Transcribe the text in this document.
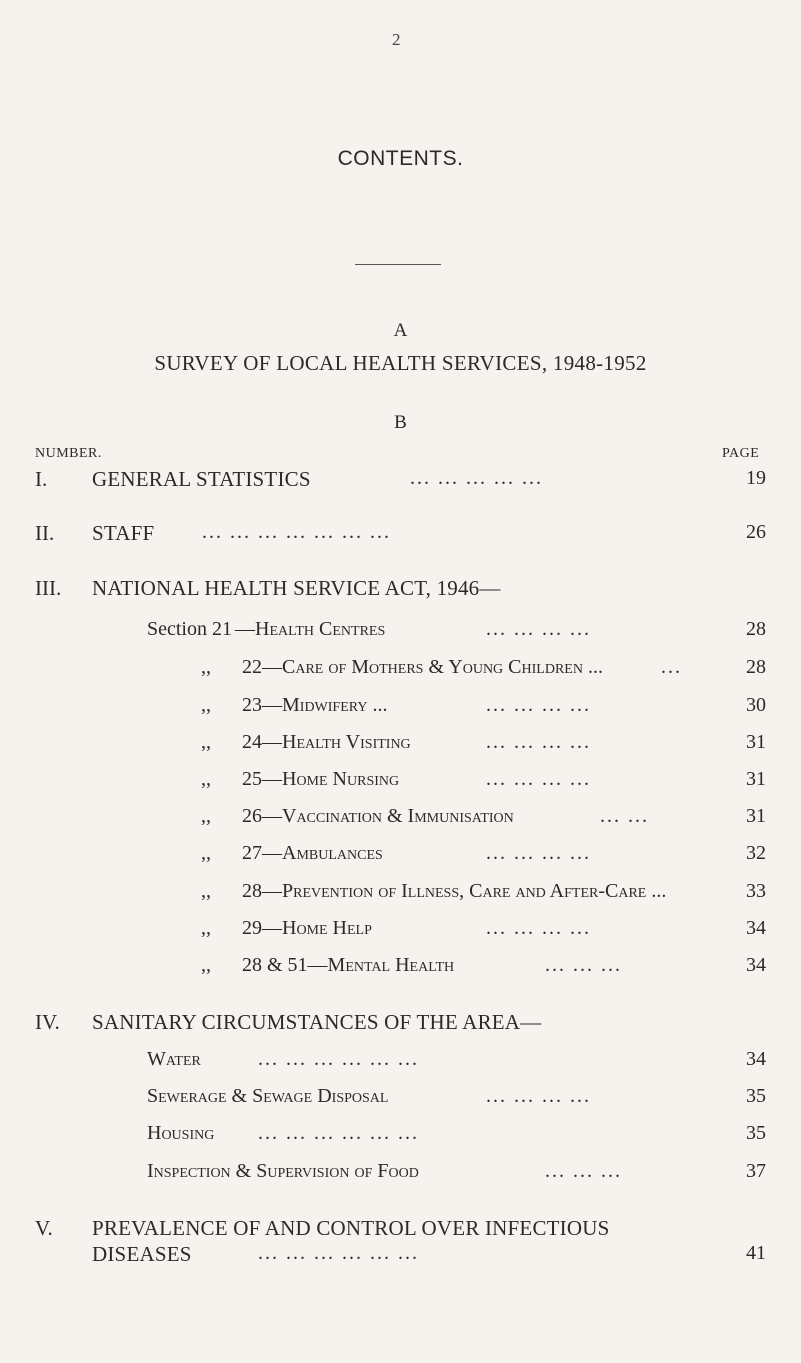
2
CONTENTS.
A
SURVEY OF LOCAL HEALTH SERVICES, 1948-1952
B
NUMBER.	PAGE
I. GENERAL STATISTICS	... ... ... ... ...	19
II. STAFF ... ... ... ... ... ... ...	26
III. NATIONAL HEALTH SERVICE ACT, 1946—
Section 21 —Health Centres	... ... ... ...	28
,, 22—Care of Mothers & Young Children ...	...	28
,, 23—Midwifery ...	... ... ... ...	30
,, 24—Health Visiting	... ... ... ...	31
,, 25—Home Nursing	... ... ... ...	31
,, 26—Vaccination & Immunisation	... ...	31
,, 27—Ambulances	... ... ... ...	32
,, 28—Prevention of Illness, Care and After-Care ...	33
,, 29—Home Help	... ... ... ...	34
,, 28 & 51—Mental Health	... ... ...	34
IV. SANITARY CIRCUMSTANCES OF THE AREA—
Water	... ... ... ... ... ...	34
Sewerage & Sewage Disposal	... ... ... ...	35
Housing ... ... ... ... ... ...	35
Inspection & Supervision of Food	... ... ...	37
V. PREVALENCE OF AND CONTROL OVER INFECTIOUS
DISEASES	... ... ... ... ... ...	41
